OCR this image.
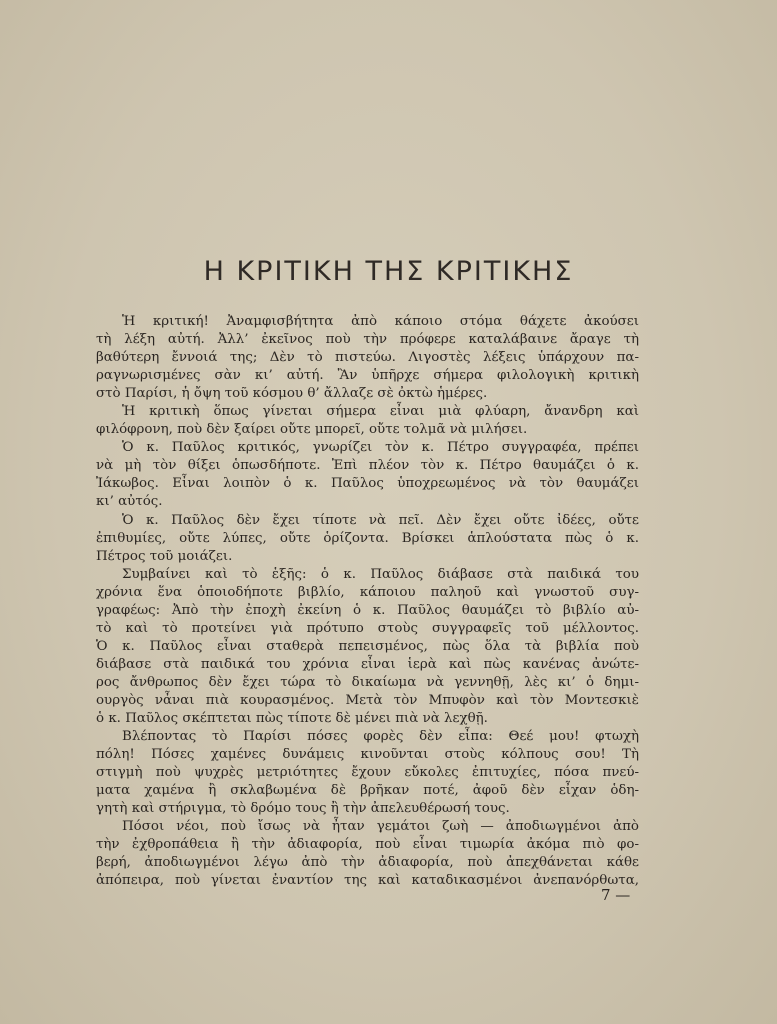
Η ΚΡΙΤΙΚΗ ΤΗΣ ΚΡΙΤΙΚΗΣ
Ἡ κριτική! Ἀναμφισβήτητα ἀπὸ κάποιο στόμα θάχετε ἀκούσει
τὴ λέξη αὐτή. Ἀλλ’ ἐκεῖνος ποὺ τὴν πρόφερε καταλάβαινε ἄραγε τὴ
βαθύτερη ἔννοιά της; Δὲν τὸ πιστεύω. Λιγοστὲς λέξεις ὑπάρχουν πα-
ραγνωρισμένες σὰν κι’ αὐτή. Ἂν ὑπῆρχε σήμερα φιλολογικὴ κριτικὴ
στὸ Παρίσι, ἡ ὄψη τοῦ κόσμου θ’ ἄλλαζε σὲ ὀκτὼ ἡμέρες.
Ἡ κριτικὴ ὅπως γίνεται σήμερα εἶναι μιὰ φλύαρη, ἄνανδρη καὶ
φιλόφρονη, ποὺ δὲν ξαίρει οὔτε μπορεῖ, οὔτε τολμᾶ νὰ μιλήσει.
Ὁ κ. Παῦλος κριτικός, γνωρίζει τὸν κ. Πέτρο συγγραφέα, πρέπει
νὰ μὴ τὸν θίξει ὁπωσδήποτε. Ἐπὶ πλέον τὸν κ. Πέτρο θαυμάζει ὁ κ.
Ἰάκωβος. Εἶναι λοιπὸν ὁ κ. Παῦλος ὑποχρεωμένος νὰ τὸν θαυμάζει
κι’ αὐτός.
Ὁ κ. Παῦλος δὲν ἔχει τίποτε νὰ πεῖ. Δὲν ἔχει οὔτε ἰδέες, οὔτε
ἐπιθυμίες, οὔτε λύπες, οὔτε ὁρίζοντα. Βρίσκει ἁπλούστατα πὼς ὁ κ.
Πέτρος τοῦ μοιάζει.
Συμβαίνει καὶ τὸ ἑξῆς: ὁ κ. Παῦλος διάβασε στὰ παιδικά του
χρόνια ἕνα ὁποιοδήποτε βιβλίο, κάποιου παληοῦ καὶ γνωστοῦ συγ-
γραφέως: Ἀπὸ τὴν ἐποχὴ ἐκείνη ὁ κ. Παῦλος θαυμάζει τὸ βιβλίο αὐ-
τὸ καὶ τὸ προτείνει γιὰ πρότυπο στοὺς συγγραφεῖς τοῦ μέλλοντος.
Ὁ κ. Παῦλος εἶναι σταθερὰ πεπεισμένος, πὼς ὅλα τὰ βιβλία ποὺ
διάβασε στὰ παιδικά του χρόνια εἶναι ἱερὰ καὶ πὼς κανένας ἀνώτε-
ρος ἄνθρωπος δὲν ἔχει τώρα τὸ δικαίωμα νὰ γεννηθῇ, λὲς κι’ ὁ δημι-
ουργὸς νἆναι πιὰ κουρασμένος. Μετὰ τὸν Μπυφὸν καὶ τὸν Μοντεσκιὲ
ὁ κ. Παῦλος σκέπτεται πὼς τίποτε δὲ μένει πιὰ νὰ λεχθῇ.
Βλέποντας τὸ Παρίσι πόσες φορὲς δὲν εἶπα: Θεέ μου! φτωχὴ
πόλη! Πόσες χαμένες δυνάμεις κινοῦνται στοὺς κόλπους σου! Τὴ
στιγμὴ ποὺ ψυχρὲς μετριότητες ἔχουν εὔκολες ἐπιτυχίες, πόσα πνεύ-
ματα χαμένα ἢ σκλαβωμένα δὲ βρῆκαν ποτέ, ἀφοῦ δὲν εἶχαν ὁδη-
γητὴ καὶ στήριγμα, τὸ δρόμο τους ἢ τὴν ἀπελευθέρωσή τους.
Πόσοι νέοι, ποὺ ἴσως νὰ ἦταν γεμάτοι ζωὴ — ἀποδιωγμένοι ἀπὸ
τὴν ἐχθροπάθεια ἢ τὴν ἀδιαφορία, ποὺ εἶναι τιμωρία ἀκόμα πιὸ φο-
βερή, ἀποδιωγμένοι λέγω ἀπὸ τὴν ἀδιαφορία, ποὺ ἀπεχθάνεται κάθε
ἀπόπειρα, ποὺ γίνεται ἐναντίον της καὶ καταδικασμένοι ἀνεπανόρθωτα,
7 —
